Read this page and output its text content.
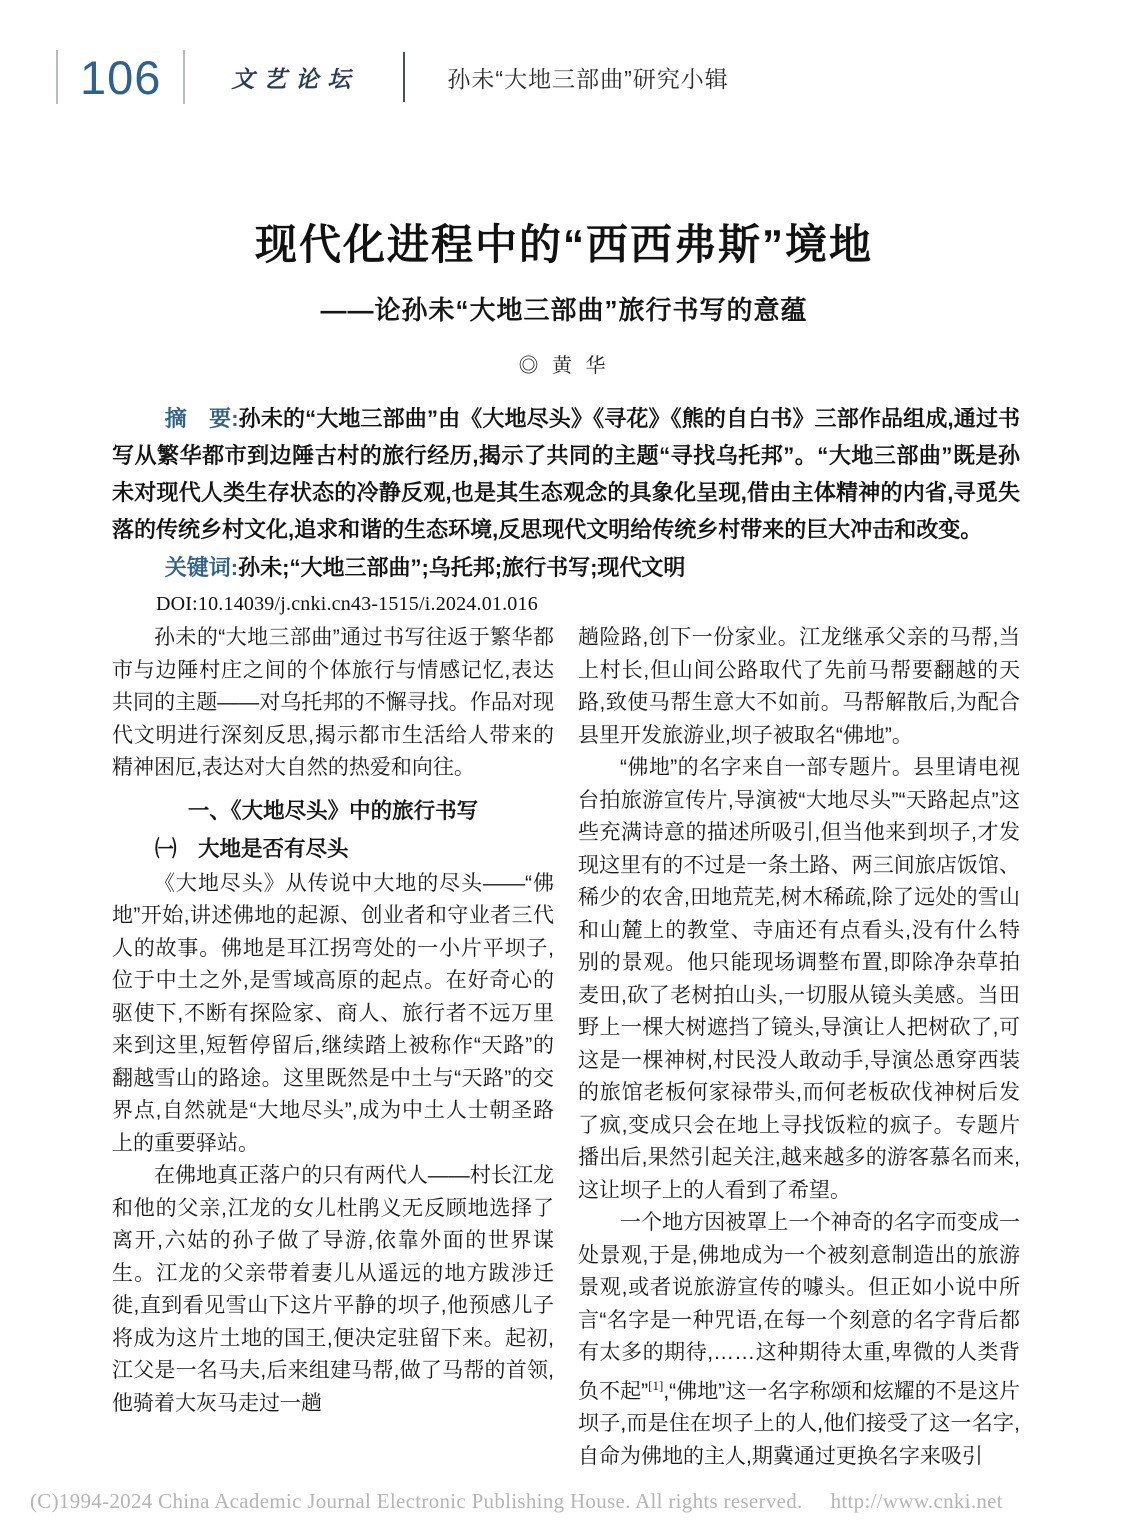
106	文艺论坛	孙未“大地三部曲”研究小辑
现代化进程中的“西西弗斯”境地
——论孙未“大地三部曲”旅行书写的意蕴
◎ 黄 华

摘　要:孙未的“大地三部曲”由《大地尽头》《寻花》《熊的自白书》三部作品组成,通过书写从繁华都市到边陲古村的旅行经历,揭示了共同的主题“寻找乌托邦”。“大地三部曲”既是孙未对现代人类生存状态的冷静反观,也是其生态观念的具象化呈现,借由主体精神的内省,寻觅失落的传统乡村文化,追求和谐的生态环境,反思现代文明给传统乡村带来的巨大冲击和改变。

关键词:孙未;“大地三部曲”;乌托邦;旅行书写;现代文明

DOI:10.14039/j.cnki.cn43-1515/i.2024.01.016
孙未的“大地三部曲”通过书写往返于繁华都市与边陲村庄之间的个体旅行与情感记忆,表达共同的主题——对乌托邦的不懈寻找。作品对现代文明进行深刻反思,揭示都市生活给人带来的精神困厄,表达对大自然的热爱和向往。
一、《大地尽头》中的旅行书写
㈠　大地是否有尽头
《大地尽头》从传说中大地的尽头——“佛地”开始,讲述佛地的起源、创业者和守业者三代人的故事。佛地是耳江拐弯处的一小片平坝子,位于中土之外,是雪域高原的起点。在好奇心的驱使下,不断有探险家、商人、旅行者不远万里来到这里,短暂停留后,继续踏上被称作“天路”的翻越雪山的路途。这里既然是中土与“天路”的交界点,自然就是“大地尽头”,成为中土人士朝圣路上的重要驿站。
在佛地真正落户的只有两代人——村长江龙和他的父亲,江龙的女儿杜鹃义无反顾地选择了离开,六姑的孙子做了导游,依靠外面的世界谋生。江龙的父亲带着妻儿从遥远的地方跋涉迁徙,直到看见雪山下这片平静的坝子,他预感儿子将成为这片土地的国王,便决定驻留下来。起初,江父是一名马夫,后来组建马帮,做了马帮的首领,他骑着大灰马走过一趟
趟险路,创下一份家业。江龙继承父亲的马帮,当上村长,但山间公路取代了先前马帮要翻越的天路,致使马帮生意大不如前。马帮解散后,为配合县里开发旅游业,坝子被取名“佛地”。
“佛地”的名字来自一部专题片。县里请电视台拍旅游宣传片,导演被“大地尽头”“天路起点”这些充满诗意的描述所吸引,但当他来到坝子,才发现这里有的不过是一条土路、两三间旅店饭馆、稀少的农舍,田地荒芜,树木稀疏,除了远处的雪山和山麓上的教堂、寺庙还有点看头,没有什么特别的景观。他只能现场调整布置,即除净杂草拍麦田,砍了老树拍山头,一切服从镜头美感。当田野上一棵大树遮挡了镜头,导演让人把树砍了,可这是一棵神树,村民没人敢动手,导演怂恿穿西装的旅馆老板何家禄带头,而何老板砍伐神树后发了疯,变成只会在地上寻找饭粒的疯子。专题片播出后,果然引起关注,越来越多的游客慕名而来,这让坝子上的人看到了希望。
一个地方因被罩上一个神奇的名字而变成一处景观,于是,佛地成为一个被刻意制造出的旅游景观,或者说旅游宣传的噱头。但正如小说中所言“名字是一种咒语,在每一个刻意的名字背后都有太多的期待,……这种期待太重,卑微的人类背负不起”[1],“佛地”这一名字称颂和炫耀的不是这片坝子,而是住在坝子上的人,他们接受了这一名字,自命为佛地的主人,期冀通过更换名字来吸引
(C)1994-2024 China Academic Journal Electronic Publishing House. All rights reserved. http://www.cnki.net
